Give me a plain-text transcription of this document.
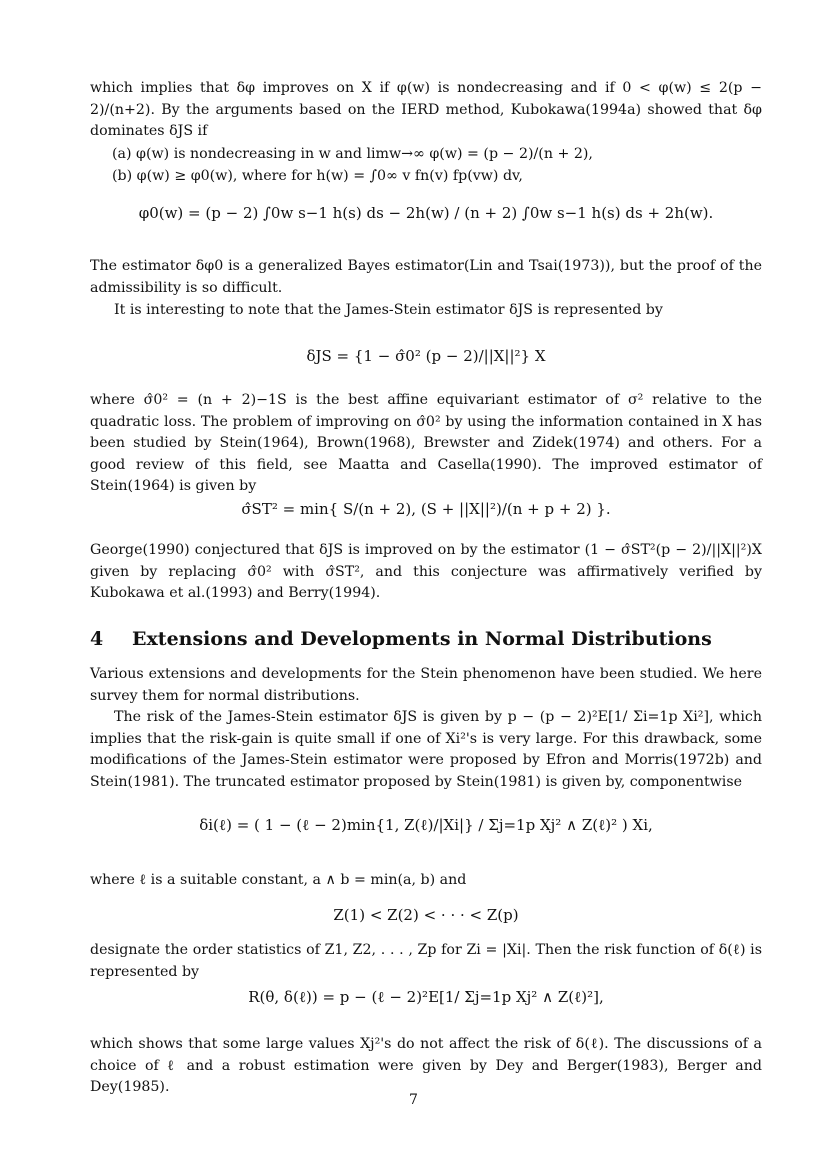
which implies that δφ improves on X if φ(w) is nondecreasing and if 0 < φ(w) ≤ 2(p − 2)/(n+2). By the arguments based on the IERD method, Kubokawa(1994a) showed that δφ dominates δJS if
(a) φ(w) is nondecreasing in w and limw→∞ φ(w) = (p − 2)/(n + 2),
(b) φ(w) ≥ φ0(w), where for h(w) = ∫0∞ v fn(v) fp(vw) dv,
φ0(w) = (p − 2) ∫0w s−1 h(s) ds − 2h(w) / (n + 2) ∫0w s−1 h(s) ds + 2h(w).
The estimator δφ0 is a generalized Bayes estimator(Lin and Tsai(1973)), but the proof of the admissibility is so difficult.
It is interesting to note that the James-Stein estimator δJS is represented by
δJS = {1 − σ̂0² (p − 2)/||X||²} X
where σ̂0² = (n + 2)−1S is the best affine equivariant estimator of σ² relative to the quadratic loss. The problem of improving on σ̂0² by using the information contained in X has been studied by Stein(1964), Brown(1968), Brewster and Zidek(1974) and others. For a good review of this field, see Maatta and Casella(1990). The improved estimator of Stein(1964) is given by
σ̂ST² = min{ S/(n + 2), (S + ||X||²)/(n + p + 2) }.
George(1990) conjectured that δJS is improved on by the estimator (1 − σ̂ST²(p − 2)/||X||²)X given by replacing σ̂0² with σ̂ST², and this conjecture was affirmatively verified by Kubokawa et al.(1993) and Berry(1994).
4 Extensions and Developments in Normal Distributions
Various extensions and developments for the Stein phenomenon have been studied. We here survey them for normal distributions.
The risk of the James-Stein estimator δJS is given by p − (p − 2)²E[1/ Σi=1p Xi²], which implies that the risk-gain is quite small if one of Xi²'s is very large. For this drawback, some modifications of the James-Stein estimator were proposed by Efron and Morris(1972b) and Stein(1981). The truncated estimator proposed by Stein(1981) is given by, componentwise
δi(ℓ) = ( 1 − (ℓ − 2)min{1, Z(ℓ)/|Xi|} / Σj=1p Xj² ∧ Z(ℓ)² ) Xi,
where ℓ is a suitable constant, a ∧ b = min(a, b) and
Z(1) < Z(2) < · · · < Z(p)
designate the order statistics of Z1, Z2, . . . , Zp for Zi = |Xi|. Then the risk function of δ(ℓ) is represented by
R(θ, δ(ℓ)) = p − (ℓ − 2)²E[1/ Σj=1p Xj² ∧ Z(ℓ)²],
which shows that some large values Xj²'s do not affect the risk of δ(ℓ). The discussions of a choice of ℓ and a robust estimation were given by Dey and Berger(1983), Berger and Dey(1985).
7
